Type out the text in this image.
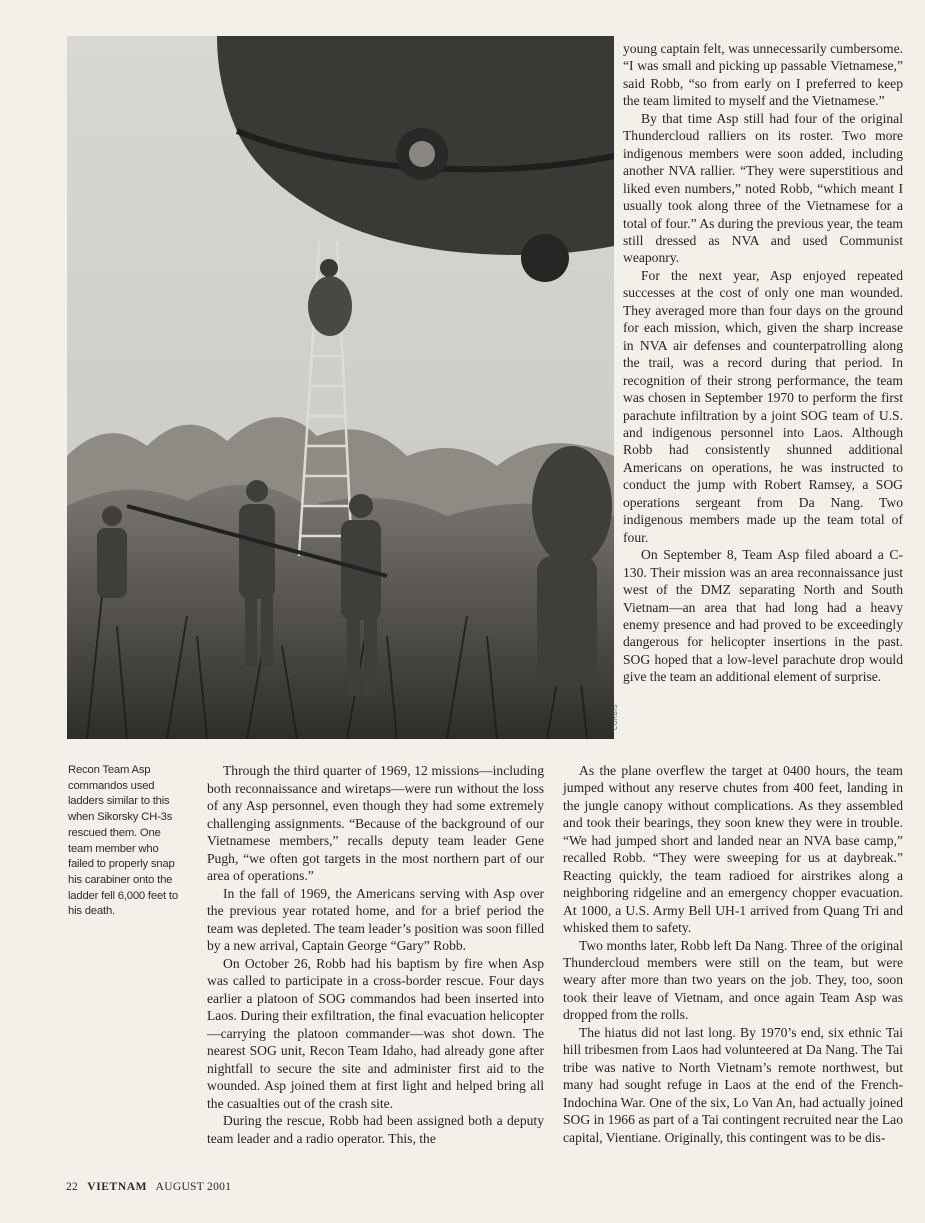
CORBIS

young captain felt, was unnecessarily cumbersome. “I was small and picking up passable Vietnamese,” said Robb, “so from early on I preferred to keep the team limited to myself and the Vietnamese.”

By that time Asp still had four of the original Thundercloud ralliers on its roster. Two more indigenous members were soon added, including another NVA rallier. “They were superstitious and liked even numbers,” noted Robb, “which meant I usually took along three of the Vietnamese for a total of four.” As during the previous year, the team still dressed as NVA and used Communist weaponry.

For the next year, Asp enjoyed repeated successes at the cost of only one man wounded. They averaged more than four days on the ground for each mission, which, given the sharp increase in NVA air defenses and counterpatrolling along the trail, was a record during that period. In recognition of their strong performance, the team was chosen in September 1970 to perform the first parachute infiltration by a joint SOG team of U.S. and indigenous personnel into Laos. Although Robb had consistently shunned additional Americans on operations, he was instructed to conduct the jump with Robert Ramsey, a SOG operations sergeant from Da Nang. Two indigenous members made up the team total of four.

On September 8, Team Asp filed aboard a C-130. Their mission was an area reconnaissance just west of the DMZ separating North and South Vietnam—an area that had long had a heavy enemy presence and had proved to be exceedingly dangerous for helicopter insertions in the past. SOG hoped that a low-level parachute drop would give the team an additional element of surprise.

Recon Team Asp commandos used ladders similar to this when Sikorsky CH-3s rescued them. One team member who failed to properly snap his carabiner onto the ladder fell 6,000 feet to his death.

Through the third quarter of 1969, 12 missions—including both reconnaissance and wiretaps—were run without the loss of any Asp personnel, even though they had some extremely challenging assignments. “Because of the background of our Vietnamese members,” recalls deputy team leader Gene Pugh, “we often got targets in the most northern part of our area of operations.”

In the fall of 1969, the Americans serving with Asp over the previous year rotated home, and for a brief period the team was depleted. The team leader’s position was soon filled by a new arrival, Captain George “Gary” Robb.

On October 26, Robb had his baptism by fire when Asp was called to participate in a cross-border rescue. Four days earlier a platoon of SOG commandos had been inserted into Laos. During their exfiltration, the final evacuation helicopter—carrying the platoon commander—was shot down. The nearest SOG unit, Recon Team Idaho, had already gone after nightfall to secure the site and administer first aid to the wounded. Asp joined them at first light and helped bring all the casualties out of the crash site.

During the rescue, Robb had been assigned both a deputy team leader and a radio operator. This, the

As the plane overflew the target at 0400 hours, the team jumped without any reserve chutes from 400 feet, landing in the jungle canopy without complications. As they assembled and took their bearings, they soon knew they were in trouble. “We had jumped short and landed near an NVA base camp,” recalled Robb. “They were sweeping for us at daybreak.” Reacting quickly, the team radioed for airstrikes along a neighboring ridgeline and an emergency chopper evacuation. At 1000, a U.S. Army Bell UH-1 arrived from Quang Tri and whisked them to safety.

Two months later, Robb left Da Nang. Three of the original Thundercloud members were still on the team, but were weary after more than two years on the job. They, too, soon took their leave of Vietnam, and once again Team Asp was dropped from the rolls.

The hiatus did not last long. By 1970’s end, six ethnic Tai hill tribesmen from Laos had volunteered at Da Nang. The Tai tribe was native to North Vietnam’s remote northwest, but many had sought refuge in Laos at the end of the French-Indochina War. One of the six, Lo Van An, had actually joined SOG in 1966 as part of a Tai contingent recruited near the Lao capital, Vientiane. Originally, this contingent was to be dis-

22 VIETNAM AUGUST 2001
